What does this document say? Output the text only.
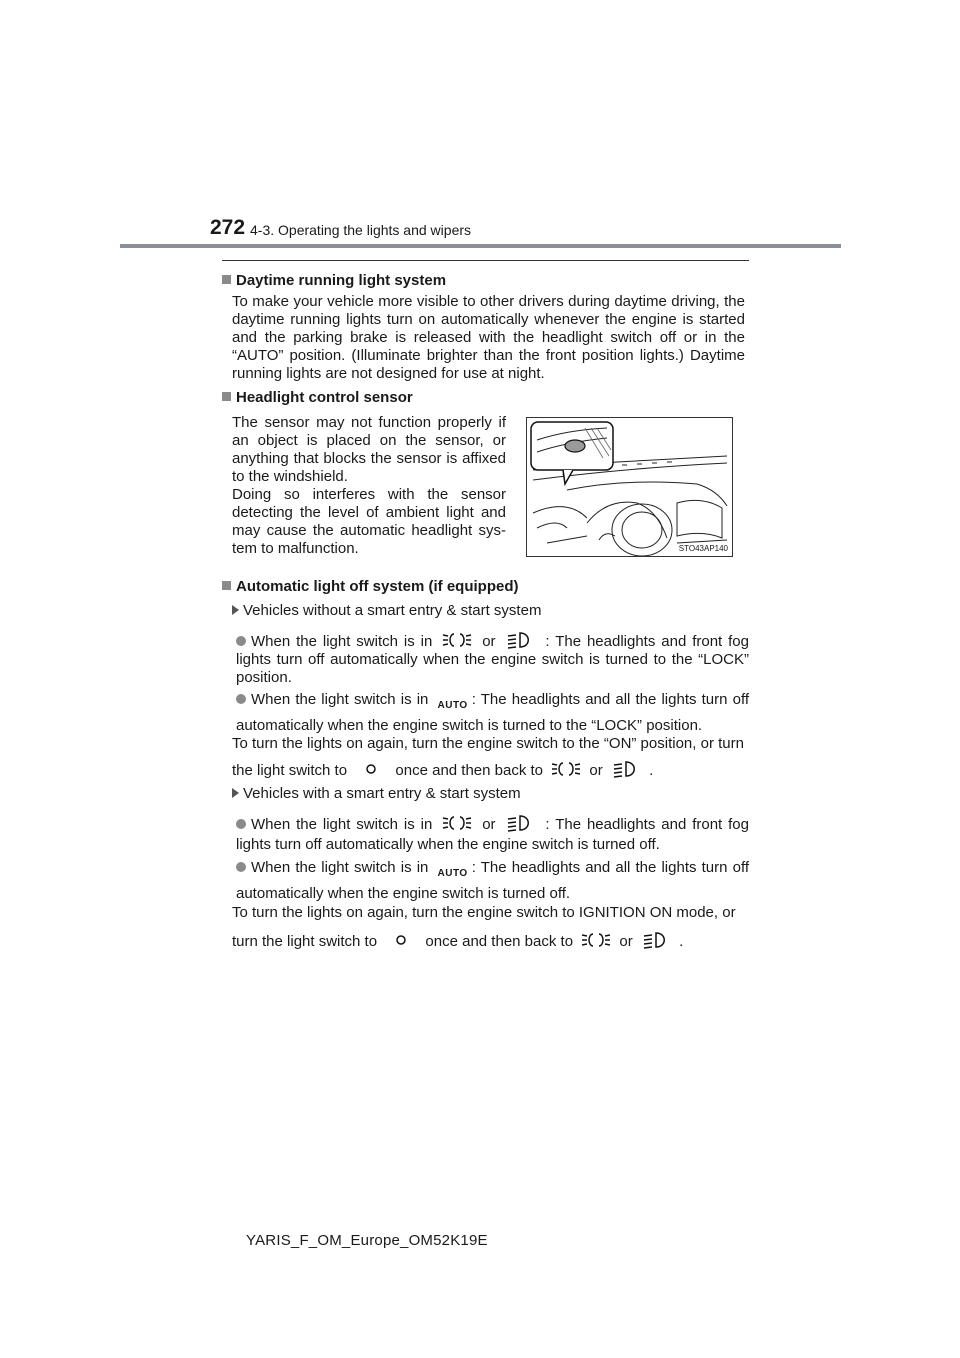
272 4-3. Operating the lights and wipers
Daytime running light system
To make your vehicle more visible to other drivers during daytime driving, the daytime running lights turn on automatically whenever the engine is started and the parking brake is released with the headlight switch off or in the “AUTO” position. (Illuminate brighter than the front position lights.) Daytime running lights are not designed for use at night.
Headlight control sensor
The sensor may not function properly if an object is placed on the sensor, or anything that blocks the sensor is affixed to the windshield.
Doing so interferes with the sensor detecting the level of ambient light and may cause the automatic headlight sys-tem to malfunction.	STO43AP140
Automatic light off system (if equipped)
Vehicles without a smart entry & start system
When the light switch is in	or	: The headlights and front fog lights turn off automatically when the engine switch is turned to the “LOCK” position.
When the light switch is in AUTO : The headlights and all the lights turn off automatically when the engine switch is turned to the “LOCK” position.
To turn the lights on again, turn the engine switch to the “ON” position, or turn
the light switch to	once and then back to	or	.
Vehicles with a smart entry & start system
When the light switch is in	or	: The headlights and front fog lights turn off automatically when the engine switch is turned off.
When the light switch is in AUTO : The headlights and all the lights turn off automatically when the engine switch is turned off.
To turn the lights on again, turn the engine switch to IGNITION ON mode, or
turn the light switch to	once and then back to	or	.
YARIS_F_OM_Europe_OM52K19E
